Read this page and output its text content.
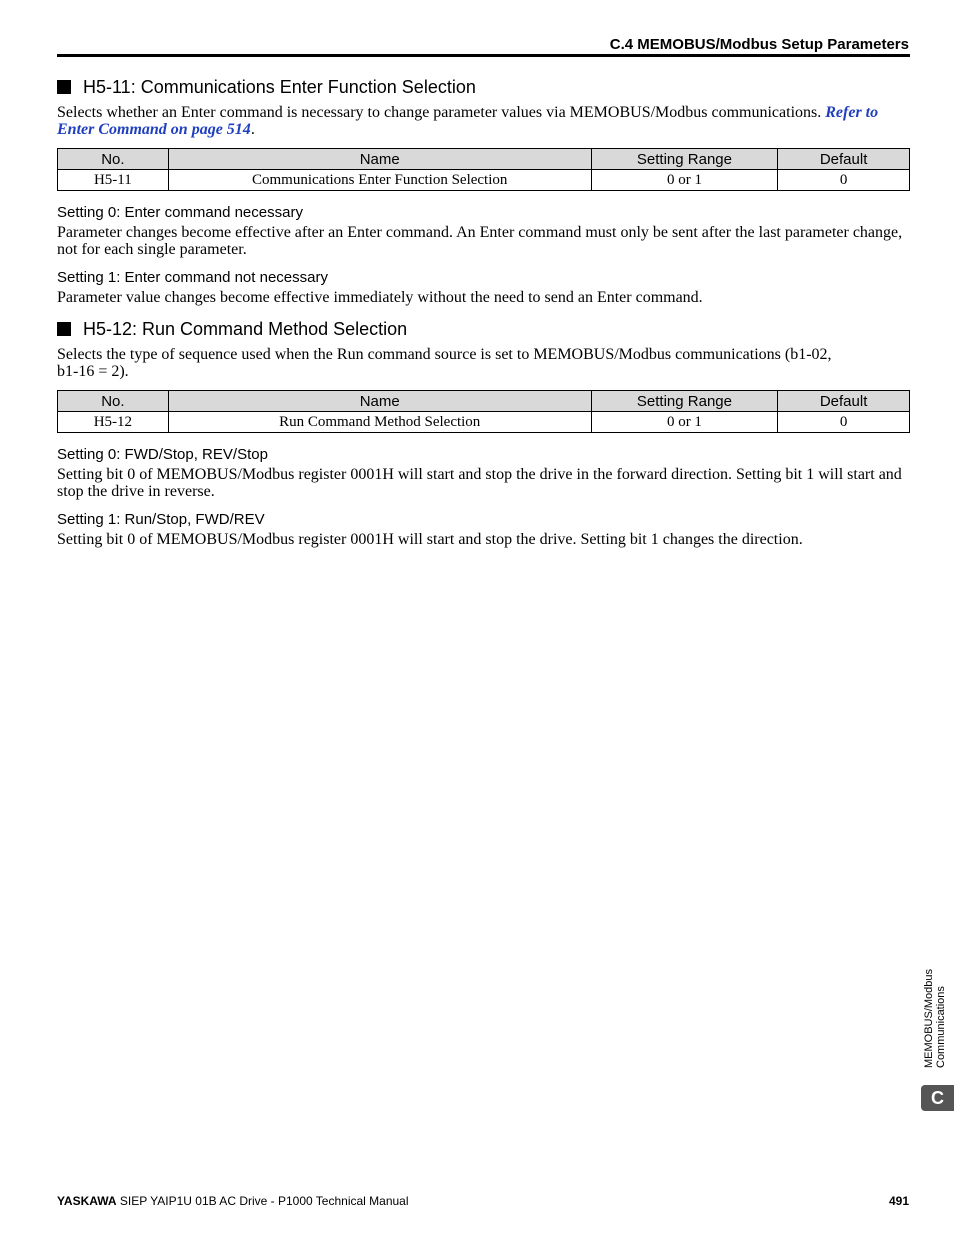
C.4 MEMOBUS/Modbus Setup Parameters
H5-11: Communications Enter Function Selection

Selects whether an Enter command is necessary to change parameter values via MEMOBUS/Modbus communications. Refer to Enter Command on page 514.

No.	Name	Setting Range	Default
H5-11	Communications Enter Function Selection	0 or 1	0
Setting 0: Enter command necessary

Parameter changes become effective after an Enter command. An Enter command must only be sent after the last parameter change, not for each single parameter.

Setting 1: Enter command not necessary

Parameter value changes become effective immediately without the need to send an Enter command.

H5-12: Run Command Method Selection

Selects the type of sequence used when the Run command source is set to MEMOBUS/Modbus communications (b1-02, b1-16 = 2).

No.	Name	Setting Range	Default
H5-12	Run Command Method Selection	0 or 1	0
Setting 0: FWD/Stop, REV/Stop

Setting bit 0 of MEMOBUS/Modbus register 0001H will start and stop the drive in the forward direction. Setting bit 1 will start and stop the drive in reverse.

Setting 1: Run/Stop, FWD/REV

Setting bit 0 of MEMOBUS/Modbus register 0001H will start and stop the drive. Setting bit 1 changes the direction.

MEMOBUS/Modbus Communications
C
YASKAWA SIEP YAIP1U 01B AC Drive - P1000 Technical Manual	491
